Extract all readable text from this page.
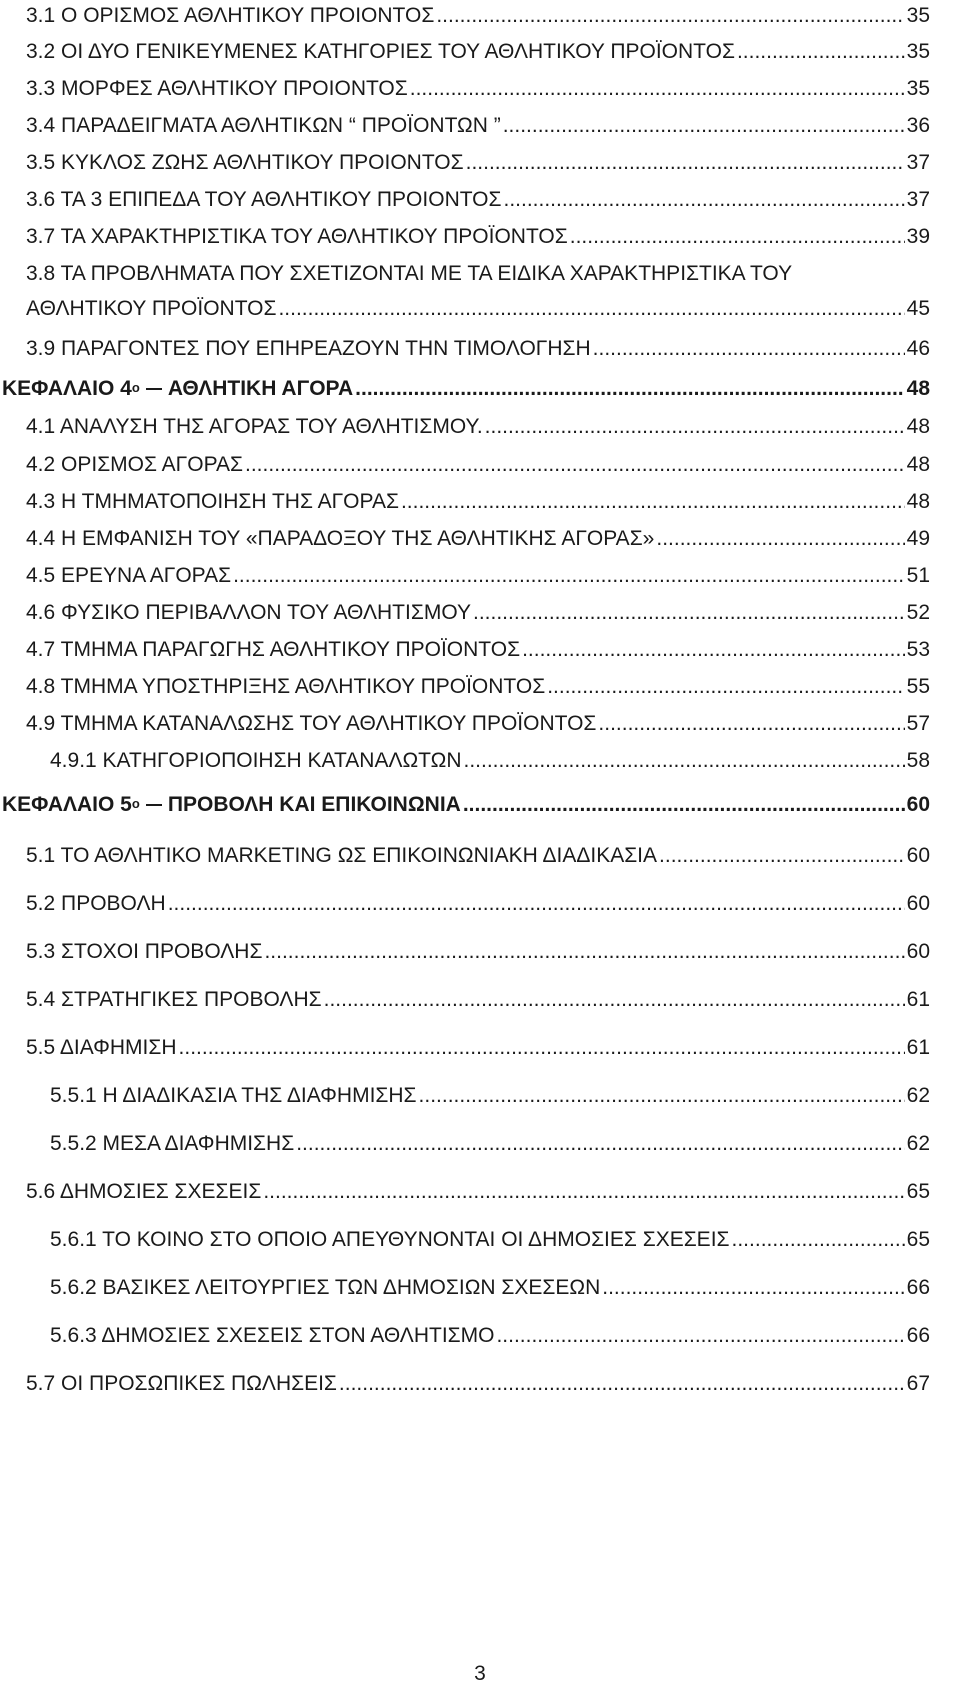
3.1 Ο ΟΡΙΣΜΟΣ ΑΘΛΗΤΙΚΟΥ ΠΡΟΙΟΝΤΟΣ .....	35
3.2 ΟΙ ΔΥΟ ΓΕΝΙΚΕΥΜΕΝΕΣ ΚΑΤΗΓΟΡΙΕΣ ΤΟΥ ΑΘΛΗΤΙΚΟΥ ΠΡΟΪΟΝΤΟΣ .....	35
3.3 ΜΟΡΦΕΣ ΑΘΛΗΤΙΚΟΥ ΠΡΟΙΟΝΤΟΣ .....	35
3.4 ΠΑΡΑΔΕΙΓΜΑΤΑ ΑΘΛΗΤΙΚΩΝ “ ΠΡΟΪΟΝΤΩΝ ” .....	36
3.5 ΚΥΚΛΟΣ ΖΩΗΣ ΑΘΛΗΤΙΚΟΥ ΠΡΟΙΟΝΤΟΣ .....	37
3.6 ΤΑ 3 ΕΠΙΠΕΔΑ ΤΟΥ ΑΘΛΗΤΙΚΟΥ ΠΡΟΙΟΝΤΟΣ .....	37
3.7 ΤΑ ΧΑΡΑΚΤΗΡΙΣΤΙΚΑ ΤΟΥ ΑΘΛΗΤΙΚΟΥ ΠΡΟΪΟΝΤΟΣ .....	39
3.8 ΤΑ ΠΡΟΒΛΗΜΑΤΑ ΠΟΥ ΣΧΕΤΙΖΟΝΤΑΙ ΜΕ ΤΑ ΕΙΔΙΚΑ ΧΑΡΑΚΤΗΡΙΣΤΙΚΑ ΤΟΥ
ΑΘΛΗΤΙΚΟΥ ΠΡΟΪΟΝΤΟΣ .....	45
3.9 ΠΑΡΑΓΟΝΤΕΣ ΠΟΥ ΕΠΗΡΕΑΖΟΥΝ ΤΗΝ ΤΙΜΟΛΟΓΗΣΗ .....	46
ΚΕΦΑΛΑΙΟ $4^o$ ΑΘΛΗΤΙΚΗ ΑΓΟΡΑ .....	48
4.1 ΑΝΑΛΥΣΗ ΤΗΣ ΑΓΟΡΑΣ ΤΟΥ ΑΘΛΗΤΙΣΜΟΥ. .....	48
4.2 ΟΡΙΣΜΟΣ ΑΓΟΡΑΣ .....	48
4.3 Η ΤΜΗΜΑΤΟΠΟΙΗΣΗ ΤΗΣ ΑΓΟΡΑΣ .....	48
4.4 Η ΕΜΦΑΝΙΣΗ ΤΟΥ «ΠΑΡΑΔΟΞΟΥ ΤΗΣ ΑΘΛΗΤΙΚΗΣ ΑΓΟΡΑΣ» .....	49
4.5 ΕΡΕΥΝΑ ΑΓΟΡΑΣ .....	51
4.6 ΦΥΣΙΚΟ ΠΕΡΙΒΑΛΛΟΝ ΤΟΥ ΑΘΛΗΤΙΣΜΟΥ .....	52
4.7 ΤΜΗΜΑ ΠΑΡΑΓΩΓΗΣ ΑΘΛΗΤΙΚΟΥ ΠΡΟΪΟΝΤΟΣ .....	53
4.8 ΤΜΗΜΑ ΥΠΟΣΤΗΡΙΞΗΣ ΑΘΛΗΤΙΚΟΥ ΠΡΟΪΟΝΤΟΣ .....	55
4.9 ΤΜΗΜΑ ΚΑΤΑΝΑΛΩΣΗΣ ΤΟΥ ΑΘΛΗΤΙΚΟΥ ΠΡΟΪΟΝΤΟΣ .....	57
4.9.1 ΚΑΤΗΓΟΡΙΟΠΟΙΗΣΗ ΚΑΤΑΝΑΛΩΤΩΝ .....	58
ΚΕΦΑΛΑΙΟ $5^o$ ΠΡΟΒΟΛΗ ΚΑΙ ΕΠΙΚΟΙΝΩΝΙΑ .....	60
5.1 ΤΟ ΑΘΛΗΤΙΚΟ MARKETING ΩΣ ΕΠΙΚΟΙΝΩΝΙΑΚΗ ΔΙΑΔΙΚΑΣΙΑ .....	60
5.2 ΠΡΟΒΟΛΗ .....	60
5.3 ΣΤΟΧΟΙ ΠΡΟΒΟΛΗΣ .....	60
5.4 ΣΤΡΑΤΗΓΙΚΕΣ ΠΡΟΒΟΛΗΣ .....	61
5.5 ΔΙΑΦΗΜΙΣΗ .....	61
5.5.1 Η ΔΙΑΔΙΚΑΣΙΑ ΤΗΣ ΔΙΑΦΗΜΙΣΗΣ .....	62
5.5.2 ΜΕΣΑ ΔΙΑΦΗΜΙΣΗΣ .....	62
5.6 ΔΗΜΟΣΙΕΣ ΣΧΕΣΕΙΣ .....	65
5.6.1 ΤΟ ΚΟΙΝΟ ΣΤΟ ΟΠΟΙΟ ΑΠΕΥΘΥΝΟΝΤΑΙ ΟΙ ΔΗΜΟΣΙΕΣ ΣΧΕΣΕΙΣ .....	65
5.6.2 ΒΑΣΙΚΕΣ ΛΕΙΤΟΥΡΓΙΕΣ ΤΩΝ ΔΗΜΟΣΙΩΝ ΣΧΕΣΕΩΝ .....	66
5.6.3 ΔΗΜΟΣΙΕΣ ΣΧΕΣΕΙΣ ΣΤΟΝ ΑΘΛΗΤΙΣΜΟ .....	66
5.7 ΟΙ ΠΡΟΣΩΠΙΚΕΣ ΠΩΛΗΣΕΙΣ .....	67
3
